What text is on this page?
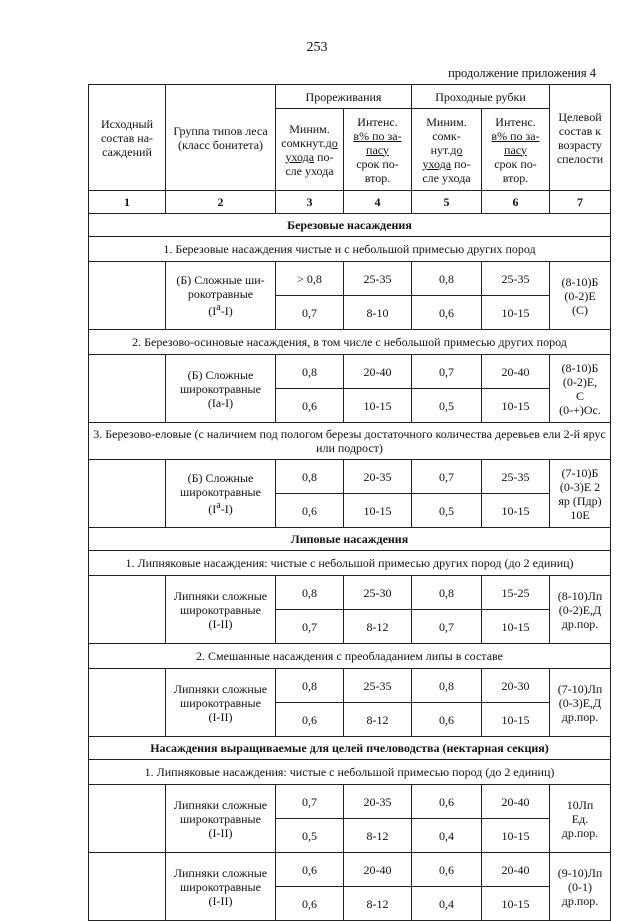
253
продолжение приложения 4
Исходный состав на-саждений	Группа типов леса (класс бонитета)	Прореживания		Проходные рубки		Целевой состав к возрасту спелости
		Миним.
сомкнут.до
ухода по-
сле ухода	Интенс.
в% по за-
пасу
срок по-
втор.	Миним.
сомк-
нут.до
ухода по-
сле ухода	Интенс.
в% по за-
пасу
срок по-
втор.	
1	2	3	4	5	6	7
Березовые насаждения						
1. Березовые насаждения чистые и с небольшой примесью других пород						
	(Б) Сложные ши-
рокотравные
$(I^а-I)$	> 0,8	25-35	0,8	25-35	(8-10)Б
(0-2)Е
(С)
		0,7	8-10	0,6	10-15	
2. Березово-осиновые насаждения, в том числе с небольшой примесью других пород						
	(Б) Сложные
широкотравные
(Iа-I)	0,8	20-40	0,7	20-40	(8-10)Б
(0-2)Е,
С
(0-+)Ос.
		0,6	10-15	0,5	10-15	
3. Березово-еловые (с наличием под пологом березы достаточного количества деревьев ели 2-й ярус или подрост)						
	(Б) Сложные
широкотравные
$(I^а-I)$	0,8	20-35	0,7	25-35	(7-10)Б
(0-3)Е 2
яр (Пдр)
10Е
		0,6	10-15	0,5	10-15	
Липовые насаждения						
1. Липняковые насаждения: чистые с небольшой примесью других пород (до 2 единиц)						
	Липняки сложные
широкотравные
(I-II)	0,8	25-30	0,8	15-25	(8-10)Лп
(0-2)Е,Д
др.пор.
		0,7	8-12	0,7	10-15	
2. Смешанные насаждения с преобладанием липы в составе						
	Липняки сложные
широкотравные
(I-II)	0,8	25-35	0,8	20-30	(7-10)Лп
(0-3)Е,Д
др.пор.
		0,6	8-12	0,6	10-15	
Насаждения выращиваемые для целей пчеловодства (нектарная секция)						
1. Липняковые насаждения: чистые с небольшой примесью пород (до 2 единиц)						
	Липняки сложные
широкотравные
(I-II)	0,7	20-35	0,6	20-40	10Лп
Ед.
др.пор.
		0,5	8-12	0,4	10-15	
	Липняки сложные
широкотравные
(I-II)	0,6	20-40	0,6	20-40	(9-10)Лп
(0-1)
др.пор.
		0,6	8-12	0,4	10-15	
